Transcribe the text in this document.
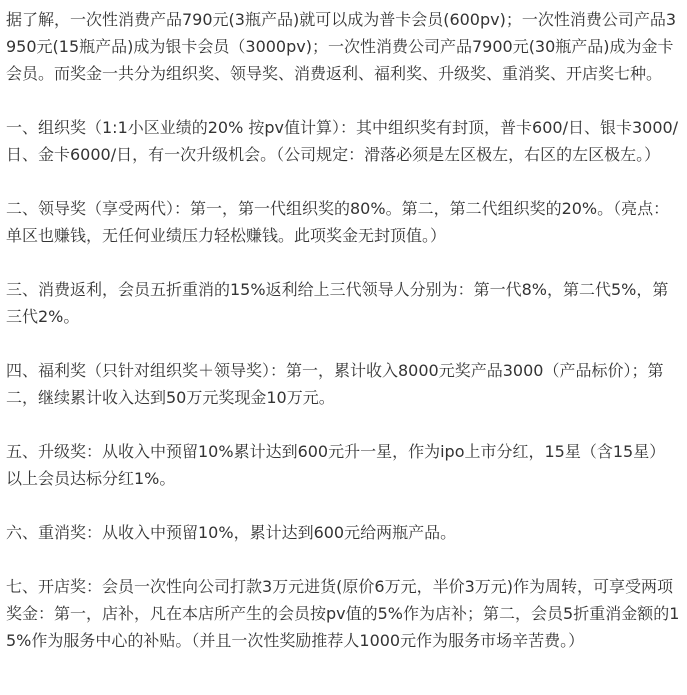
据了解，一次性消费产品790元(3瓶产品)就可以成为普卡会员(600pv)；一次性消费公司产品3950元(15瓶产品)成为银卡会员（3000pv)；一次性消费公司产品7900元(30瓶产品)成为金卡会员。而奖金一共分为组织奖、领导奖、消费返利、福利奖、升级奖、重消奖、开店奖七种。

一、组织奖（1:1小区业绩的20% 按pv值计算）：其中组织奖有封顶，普卡600/日、银卡3000/日、金卡6000/日，有一次升级机会。（公司规定：滑落必须是左区极左，右区的左区极左。）

二、领导奖（享受两代）：第一，第一代组织奖的80%。第二，第二代组织奖的20%。（亮点：单区也赚钱，无任何业绩压力轻松赚钱。此项奖金无封顶值。）

三、消费返利，会员五折重消的15%返利给上三代领导人分别为：第一代8%，第二代5%，第三代2%。

四、福利奖（只针对组织奖＋领导奖）：第一，累计收入8000元奖产品3000（产品标价）；第二，继续累计收入达到50万元奖现金10万元。

五、升级奖：从收入中预留10%累计达到600元升一星，作为ipo上市分红，15星（含15星）以上会员达标分红1%。

六、重消奖：从收入中预留10%，累计达到600元给两瓶产品。

七、开店奖：会员一次性向公司打款3万元进货(原价6万元，半价3万元)作为周转，可享受两项奖金：第一，店补，凡在本店所产生的会员按pv值的5%作为店补；第二，会员5折重消金额的15%作为服务中心的补贴。（并且一次性奖励推荐人1000元作为服务市场辛苦费。）
